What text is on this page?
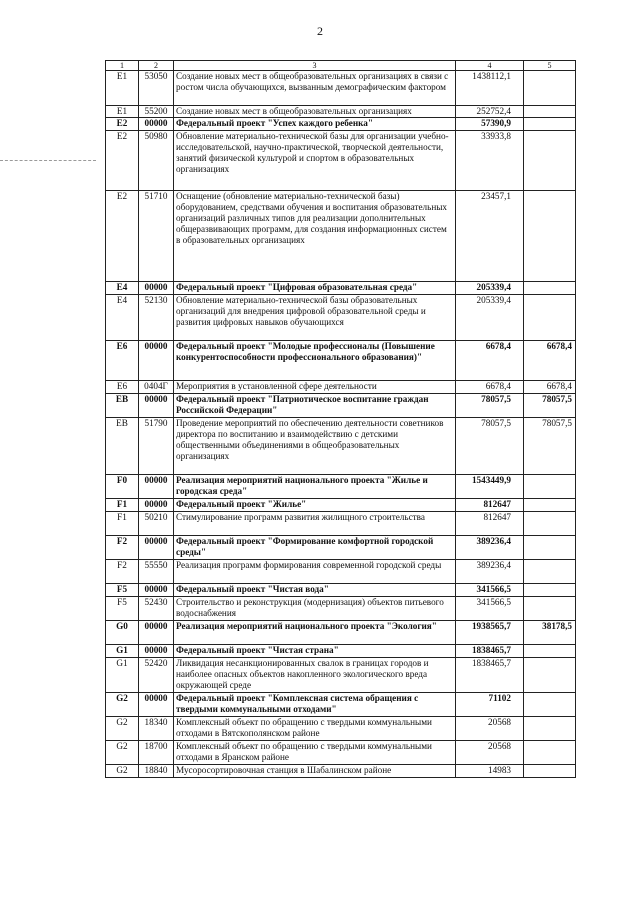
2
1	2	3	4	5
E1	53050	Создание новых мест в общеобразовательных организациях в связи с ростом числа обучающихся, вызванным демографическим фактором	1438112,1	
E1	55200	Создание новых мест в общеобразовательных организациях	252752,4	
E2	00000	Федеральный проект "Успех каждого ребенка"	57390,9	
E2	50980	Обновление материально-технической базы для организации учебно-исследовательской, научно-практической, творческой деятельности, занятий физической культурой и спортом в образовательных организациях	33933,8	
E2	51710	Оснащение (обновление материально-технической базы) оборудованием, средствами обучения и воспитания образовательных организаций различных типов для реализации дополнительных общеразвивающих программ, для создания информационных систем в образовательных организациях	23457,1	
E4	00000	Федеральный проект "Цифровая образовательная среда"	205339,4	
E4	52130	Обновление материально-технической базы образовательных организаций для внедрения цифровой образовательной среды и развития цифровых навыков обучающихся	205339,4	
E6	00000	Федеральный проект "Молодые профессионалы (Повышение конкурентоспособности профессионального образования)"	6678,4	6678,4
E6	0404Г	Мероприятия в установленной сфере деятельности	6678,4	6678,4
EB	00000	Федеральный проект "Патриотическое воспитание граждан Российской Федерации"	78057,5	78057,5
EB	51790	Проведение мероприятий по обеспечению деятельности советников директора по воспитанию и взаимодействию с детскими общественными объединениями в общеобразовательных организациях	78057,5	78057,5
F0	00000	Реализация мероприятий национального проекта "Жилье и городская среда"	1543449,9	
F1	00000	Федеральный проект "Жилье"	812647	
F1	50210	Стимулирование программ развития жилищного строительства	812647	
F2	00000	Федеральный проект "Формирование комфортной городской среды"	389236,4	
F2	55550	Реализация программ формирования современной городской среды	389236,4	
F5	00000	Федеральный проект "Чистая вода"	341566,5	
F5	52430	Строительство и реконструкция (модернизация) объектов питьевого водоснабжения	341566,5	
G0	00000	Реализация мероприятий национального проекта "Экология"	1938565,7	38178,5
G1	00000	Федеральный проект "Чистая страна"	1838465,7	
G1	52420	Ликвидация несанкционированных свалок в границах городов и наиболее опасных объектов накопленного экологического вреда окружающей среде	1838465,7	
G2	00000	Федеральный проект "Комплексная система обращения с твердыми коммунальными отходами"	71102	
G2	18340	Комплексный объект по обращению с твердыми коммунальными отходами в Вятскополянском районе	20568	
G2	18700	Комплексный объект по обращению с твердыми коммунальными отходами в Яранском районе	20568	
G2	18840	Мусоросортировочная станция в Шабалинском районе	14983	
